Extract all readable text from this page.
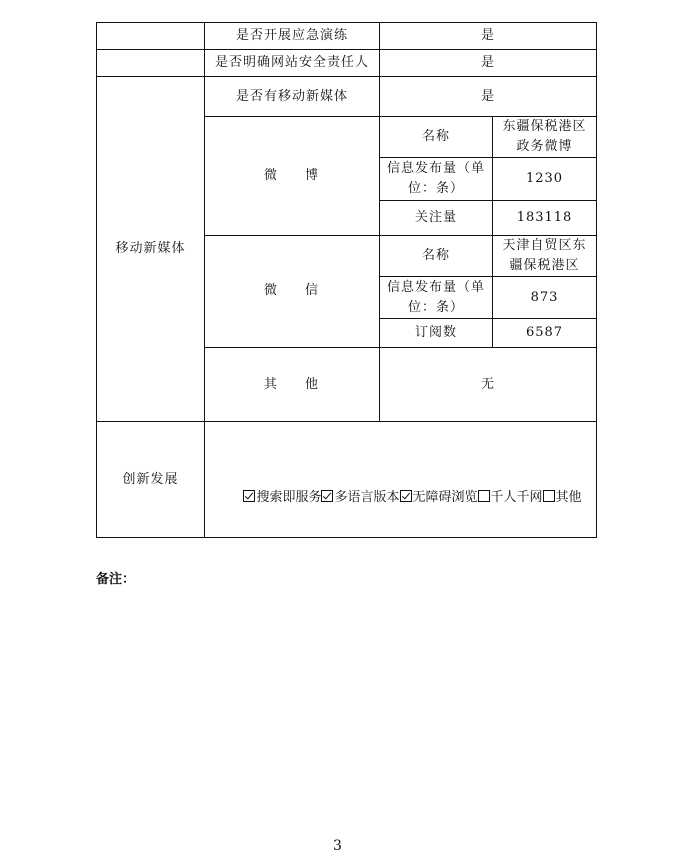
	是否开展应急演练	是	
	是否明确网站安全责任人	是	
移动新媒体	是否有移动新媒体	是	
	微 博	名称	东疆保税港区政务微博
		信息发布量（单位：条）	1230
		关注量	183118
	微 信	名称	天津自贸区东疆保税港区
		信息发布量（单位：条）	873
		订阅数	6587
	其 他	无	
创新发展	搜索即服务 多语言版本 无障碍浏览 千人千网 其他		
备注：
3
